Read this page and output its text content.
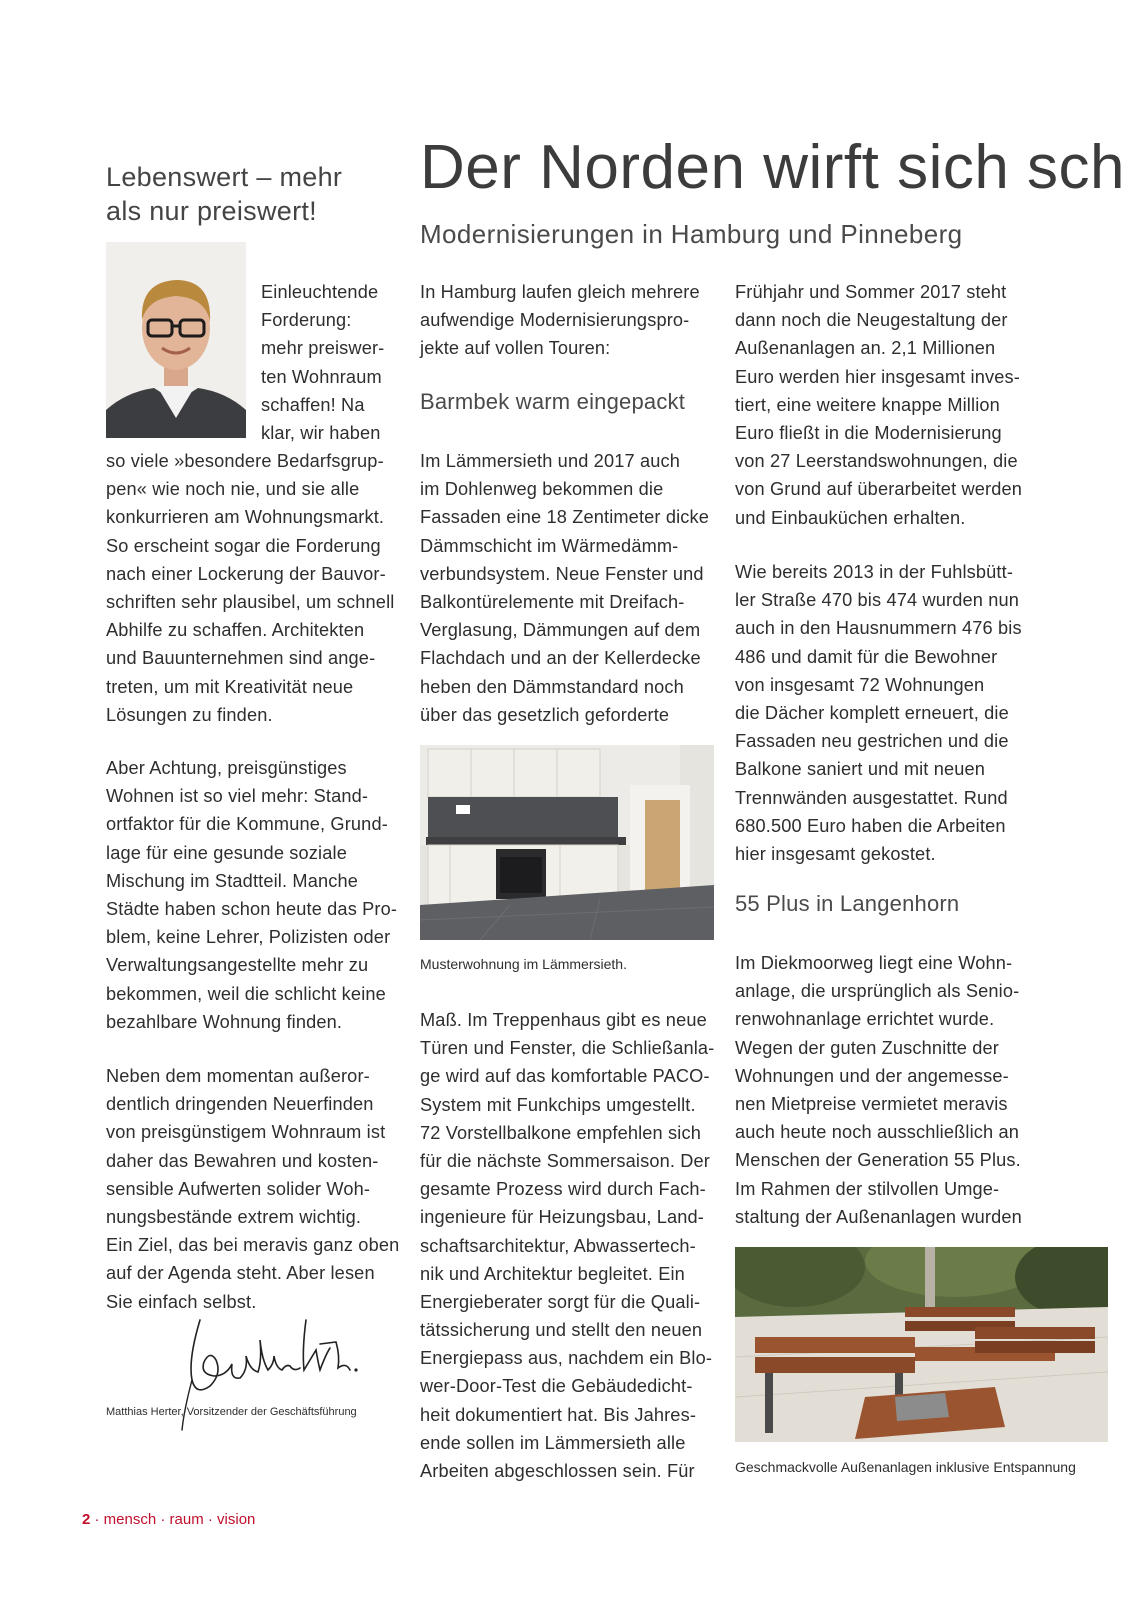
Lebenswert – mehr
als nur preiswert!
Der Norden wirft sich sch
Modernisierungen in Hamburg und Pinneberg
Einleuchtende
Forderung:
mehr preiswer-
ten Wohnraum
schaffen! Na
klar, wir haben
so viele »besondere Bedarfsgrup-
pen« wie noch nie, und sie alle
konkurrieren am Wohnungsmarkt.
So erscheint sogar die Forderung
nach einer Lockerung der Bauvor-
schriften sehr plausibel, um schnell
Abhilfe zu schaffen. Architekten
und Bauunternehmen sind ange-
treten, um mit Kreativität neue
Lösungen zu finden.
Aber Achtung, preisgünstiges
Wohnen ist so viel mehr: Stand-
ortfaktor für die Kommune, Grund-
lage für eine gesunde soziale
Mischung im Stadtteil. Manche
Städte haben schon heute das Pro-
blem, keine Lehrer, Polizisten oder
Verwaltungsangestellte mehr zu
bekommen, weil die schlicht keine
bezahlbare Wohnung finden.
Neben dem momentan außeror-
dentlich dringenden Neuerfinden
von preisgünstigem Wohnraum ist
daher das Bewahren und kosten-
sensible Aufwerten solider Woh-
nungsbestände extrem wichtig.
Ein Ziel, das bei meravis ganz oben
auf der Agenda steht. Aber lesen
Sie einfach selbst.
Matthias Herter, Vorsitzender der Geschäftsführung
In Hamburg laufen gleich mehrere
aufwendige Modernisierungspro-
jekte auf vollen Touren:
Barmbek warm eingepackt
Im Lämmersieth und 2017 auch
im Dohlenweg bekommen die
Fassaden eine 18 Zentimeter dicke
Dämmschicht im Wärmedämm-
verbundsystem. Neue Fenster und
Balkontürelemente mit Dreifach-
Verglasung, Dämmungen auf dem
Flachdach und an der Kellerdecke
heben den Dämmstandard noch
über das gesetzlich geforderte
Musterwohnung im Lämmersieth.
Maß. Im Treppenhaus gibt es neue
Türen und Fenster, die Schließanla-
ge wird auf das komfortable PACO-
System mit Funkchips umgestellt.
72 Vorstellbalkone empfehlen sich
für die nächste Sommersaison. Der
gesamte Prozess wird durch Fach-
ingenieure für Heizungsbau, Land-
schaftsarchitektur, Abwassertech-
nik und Architektur begleitet. Ein
Energieberater sorgt für die Quali-
tätssicherung und stellt den neuen
Energiepass aus, nachdem ein Blo-
wer-Door-Test die Gebäudedicht-
heit dokumentiert hat. Bis Jahres-
ende sollen im Lämmersieth alle
Arbeiten abgeschlossen sein. Für
Frühjahr und Sommer 2017 steht
dann noch die Neugestaltung der
Außenanlagen an. 2,1 Millionen
Euro werden hier insgesamt inves-
tiert, eine weitere knappe Million
Euro fließt in die Modernisierung
von 27 Leerstandswohnungen, die
von Grund auf überarbeitet werden
und Einbauküchen erhalten.
Wie bereits 2013 in der Fuhlsbütt-
ler Straße 470 bis 474 wurden nun
auch in den Hausnummern 476 bis
486 und damit für die Bewohner
von insgesamt 72 Wohnungen
die Dächer komplett erneuert, die
Fassaden neu gestrichen und die
Balkone saniert und mit neuen
Trennwänden ausgestattet. Rund
680.500 Euro haben die Arbeiten
hier insgesamt gekostet.
55 Plus in Langenhorn
Im Diekmoorweg liegt eine Wohn-
anlage, die ursprünglich als Senio-
renwohnanlage errichtet wurde.
Wegen der guten Zuschnitte der
Wohnungen und der angemesse-
nen Mietpreise vermietet meravis
auch heute noch ausschließlich an
Menschen der Generation 55 Plus.
Im Rahmen der stilvollen Umge-
staltung der Außenanlagen wurden
Geschmackvolle Außenanlagen inklusive Entspannung
2 · mensch · raum · vision
